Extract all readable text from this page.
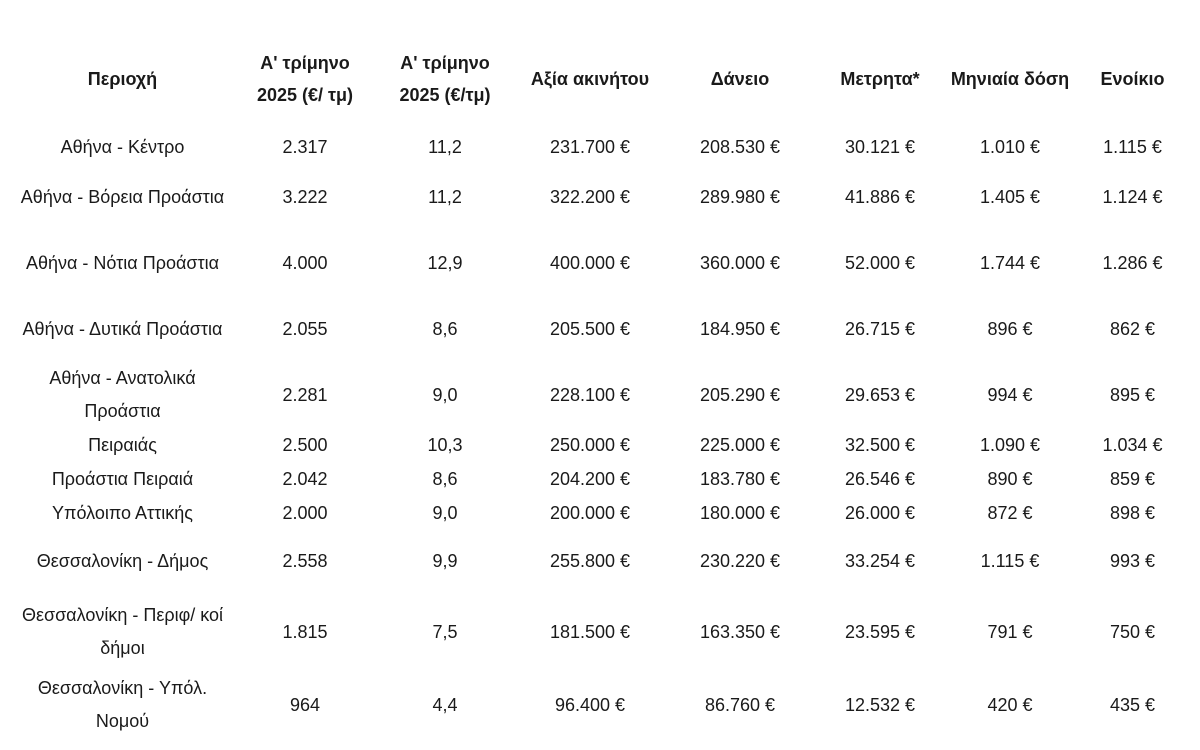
Περιοχή	Α' τρίμηνο 2025 (€/ τμ)	Α' τρίμηνο 2025 (€/τμ)	Αξία ακινήτου	Δάνειο	Μετρητα*	Μηνιαία δόση	Ενοίκιο
Αθήνα - Κέντρο	2.317	11,2	231.700 €	208.530 €	30.121 €	1.010 €	1.115 €
Αθήνα - Βόρεια Προάστια	3.222	11,2	322.200 €	289.980 €	41.886 €	1.405 €	1.124 €
Αθήνα - Νότια Προάστια	4.000	12,9	400.000 €	360.000 €	52.000 €	1.744 €	1.286 €
Αθήνα - Δυτικά Προάστια	2.055	8,6	205.500 €	184.950 €	26.715 €	896 €	862 €
Αθήνα - Ανατολικά Προάστια	2.281	9,0	228.100 €	205.290 €	29.653 €	994 €	895 €
Πειραιάς	2.500	10,3	250.000 €	225.000 €	32.500 €	1.090 €	1.034 €
Προάστια Πειραιά	2.042	8,6	204.200 €	183.780 €	26.546 €	890 €	859 €
Υπόλοιπο Αττικής	2.000	9,0	200.000 €	180.000 €	26.000 €	872 €	898 €
Θεσσαλονίκη - Δήμος	2.558	9,9	255.800 €	230.220 €	33.254 €	1.115 €	993 €
Θεσσαλονίκη - Περιφ/ κοί δήμοι	1.815	7,5	181.500 €	163.350 €	23.595 €	791 €	750 €
Θεσσαλονίκη - Υπόλ. Νομού	964	4,4	96.400 €	86.760 €	12.532 €	420 €	435 €
